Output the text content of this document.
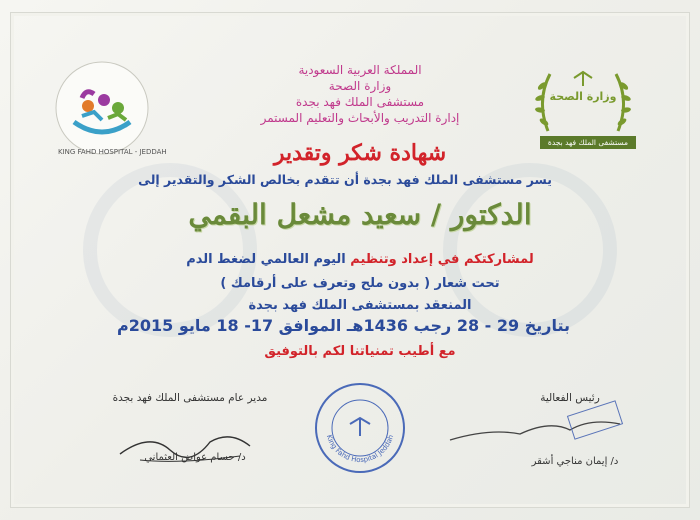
KING FAHD HOSPITAL - JEDDAH
وزارة الصحة
مستشفى الملك فهد بجدة
المملكة العربية السعودية
وزارة الصحة
مستشفى الملك فهد بجدة
إدارة التدريب والأبحاث والتعليم المستمر
شهادة شكر وتقدير
يسر مستشفى الملك فهد بجدة أن تتقدم بخالص الشكر والتقدير إلى
الدكتور / سعيد مشعل البقمي
لمشاركتكم في إعداد وتنظيم اليوم العالمي لضغط الدم
تحت شعار ( بدون ملح وتعرف على أرقامك )
المنعقد بمستشفى الملك فهد بجدة
بتاريخ 29 - 28 رجب 1436هـ الموافق 17- 18 مايو 2015م
مع أطيب تمنياتنا لكم بالتوفيق
مدير عام مستشفى الملك فهد بجدة
د/ حسام عواض العثماني
رئيس الفعالية
د/ إيمان مناجي أشقر
King Fahd Hospital Jeddah
